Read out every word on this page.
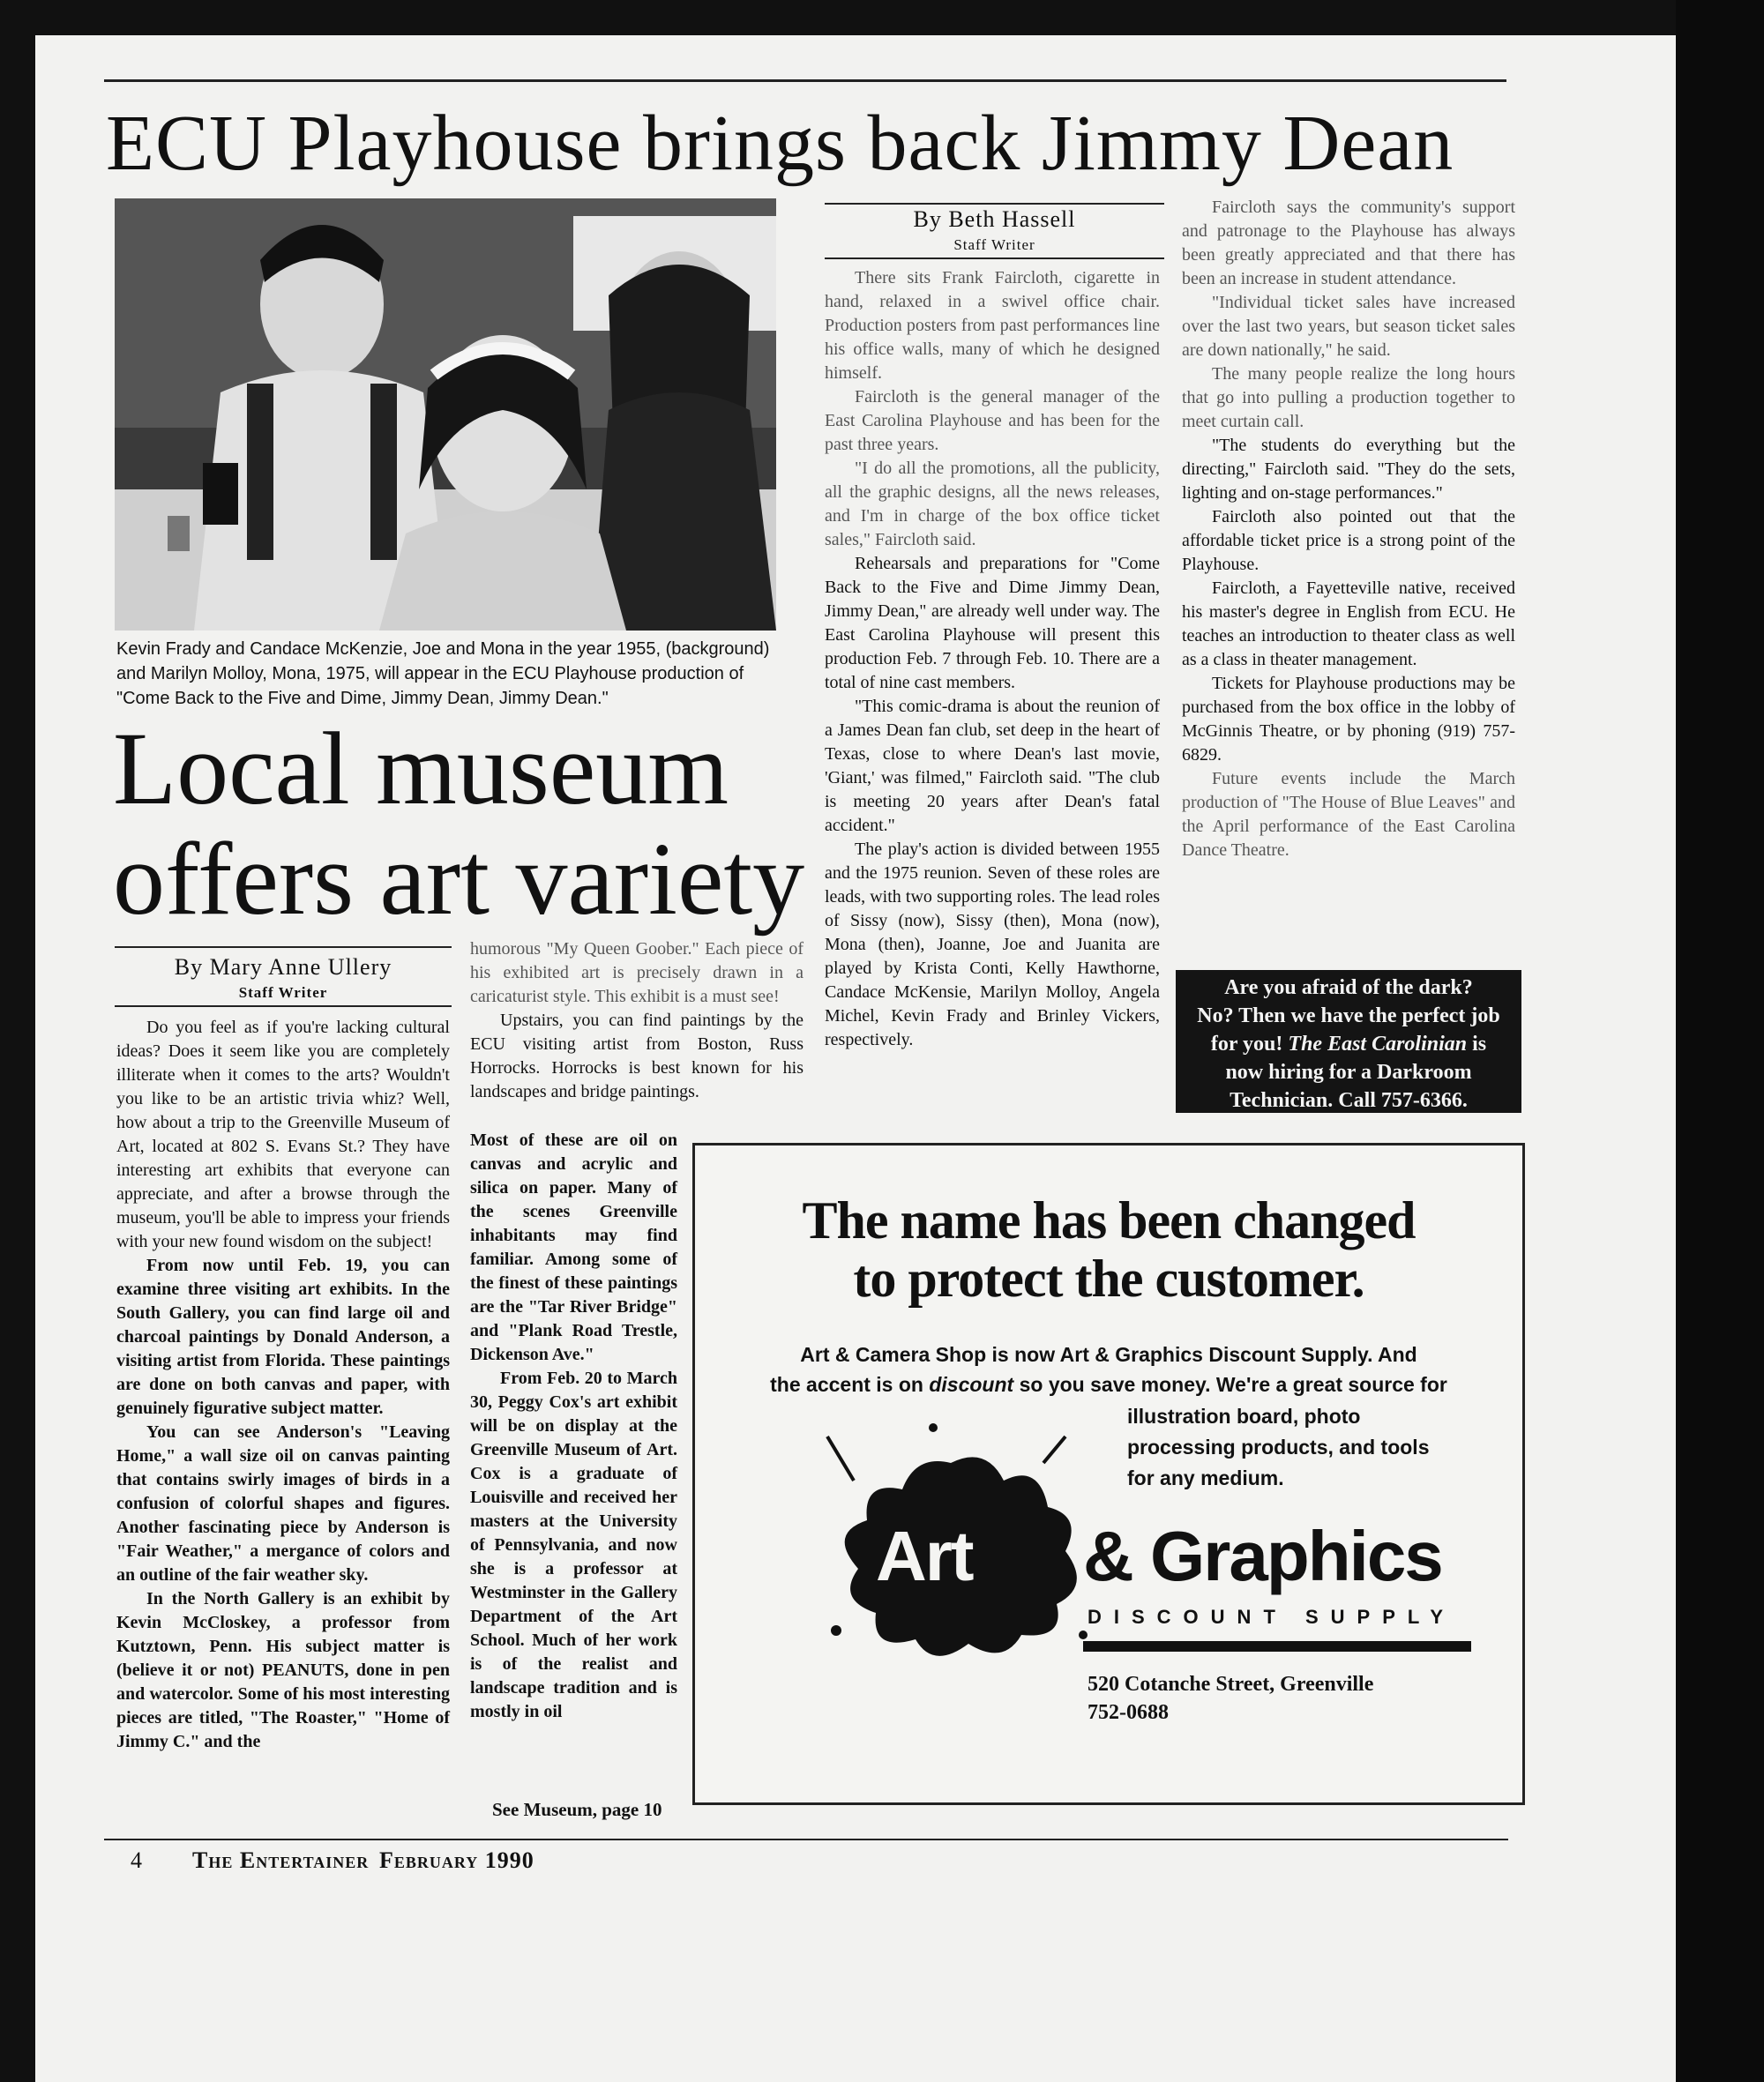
ECU Playhouse brings back Jimmy Dean
Kevin Frady and Candace McKenzie, Joe and Mona in the year 1955, (background) and Marilyn Molloy, Mona, 1975, will appear in the ECU Playhouse production of "Come Back to the Five and Dime, Jimmy Dean, Jimmy Dean."
By Beth Hassell
Staff Writer

There sits Frank Faircloth, cigarette in hand, relaxed in a swivel office chair. Production posters from past performances line his office walls, many of which he designed himself.

Faircloth is the general manager of the East Carolina Playhouse and has been for the past three years.

"I do all the promotions, all the publicity, all the graphic designs, all the news releases, and I'm in charge of the box office ticket sales," Faircloth said.

Rehearsals and preparations for "Come Back to the Five and Dime Jimmy Dean, Jimmy Dean," are already well under way. The East Carolina Playhouse will present this production Feb. 7 through Feb. 10. There are a total of nine cast members.

"This comic-drama is about the reunion of a James Dean fan club, set deep in the heart of Texas, close to where Dean's last movie, 'Giant,' was filmed," Faircloth said. "The club is meeting 20 years after Dean's fatal accident."

The play's action is divided between 1955 and the 1975 reunion. Seven of these roles are leads, with two supporting roles. The lead roles of Sissy (now), Sissy (then), Mona (now), Mona (then), Joanne, Joe and Juanita are played by Krista Conti, Kelly Hawthorne, Candace McKensie, Marilyn Molloy, Angela Michel, Kevin Frady and Brinley Vickers, respectively.

Faircloth says the community's support and patronage to the Playhouse has always been greatly appreciated and that there has been an increase in student attendance.

"Individual ticket sales have increased over the last two years, but season ticket sales are down nationally," he said.

The many people realize the long hours that go into pulling a production together to meet curtain call.

"The students do everything but the directing," Faircloth said. "They do the sets, lighting and on-stage performances."

Faircloth also pointed out that the affordable ticket price is a strong point of the Playhouse.

Faircloth, a Fayetteville native, received his master's degree in English from ECU. He teaches an introduction to theater class as well as a class in theater management.

Tickets for Playhouse productions may be purchased from the box office in the lobby of McGinnis Theatre, or by phoning (919) 757-6829.

Future events include the March production of "The House of Blue Leaves" and the April performance of the East Carolina Dance Theatre.

Are you afraid of the dark?
No? Then we have the perfect job
for you! The East Carolinian is
now hiring for a Darkroom
Technician. Call 757-6366.
Local museum
offers art variety
By Mary Anne Ullery
Staff Writer

Do you feel as if you're lacking cultural ideas? Does it seem like you are completely illiterate when it comes to the arts? Wouldn't you like to be an artistic trivia whiz? Well, how about a trip to the Greenville Museum of Art, located at 802 S. Evans St.? They have interesting art exhibits that everyone can appreciate, and after a browse through the museum, you'll be able to impress your friends with your new found wisdom on the subject!

From now until Feb. 19, you can examine three visiting art exhibits. In the South Gallery, you can find large oil and charcoal paintings by Donald Anderson, a visiting artist from Florida. These paintings are done on both canvas and paper, with genuinely figurative subject matter.

You can see Anderson's "Leaving Home," a wall size oil on canvas painting that contains swirly images of birds in a confusion of colorful shapes and figures. Another fascinating piece by Anderson is "Fair Weather," a mergance of colors and an outline of the fair weather sky.

In the North Gallery is an exhibit by Kevin McCloskey, a professor from Kutztown, Penn. His subject matter is (believe it or not) PEANUTS, done in pen and watercolor. Some of his most interesting pieces are titled, "The Roaster," "Home of Jimmy C." and the

humorous "My Queen Goober." Each piece of his exhibited art is precisely drawn in a caricaturist style. This exhibit is a must see!

Upstairs, you can find paintings by the ECU visiting artist from Boston, Russ Horrocks. Horrocks is best known for his landscapes and bridge paintings.

Most of these are oil on canvas and acrylic and silica on paper. Many of the scenes Greenville inhabitants may find familiar. Among some of the finest of these paintings are the "Tar River Bridge" and "Plank Road Trestle, Dickenson Ave."

From Feb. 20 to March 30, Peggy Cox's art exhibit will be on display at the Greenville Museum of Art. Cox is a graduate of Louisville and received her masters at the University of Pennsylvania, and now she is a professor at Westminster in the Gallery Department of the Art School. Much of her work is of the realist and landscape tradition and is mostly in oil

See Museum, page 10
The name has been changed
to protect the customer.
Art & Camera Shop is now Art & Graphics Discount Supply. And
the accent is on discount so you save money. We're a great source for
illustration board, photo
processing products, and tools
for any medium.
Art & Graphics
DISCOUNT SUPPLY
520 Cotanche Street, Greenville
752-0688
4 The Entertainer February 1990
